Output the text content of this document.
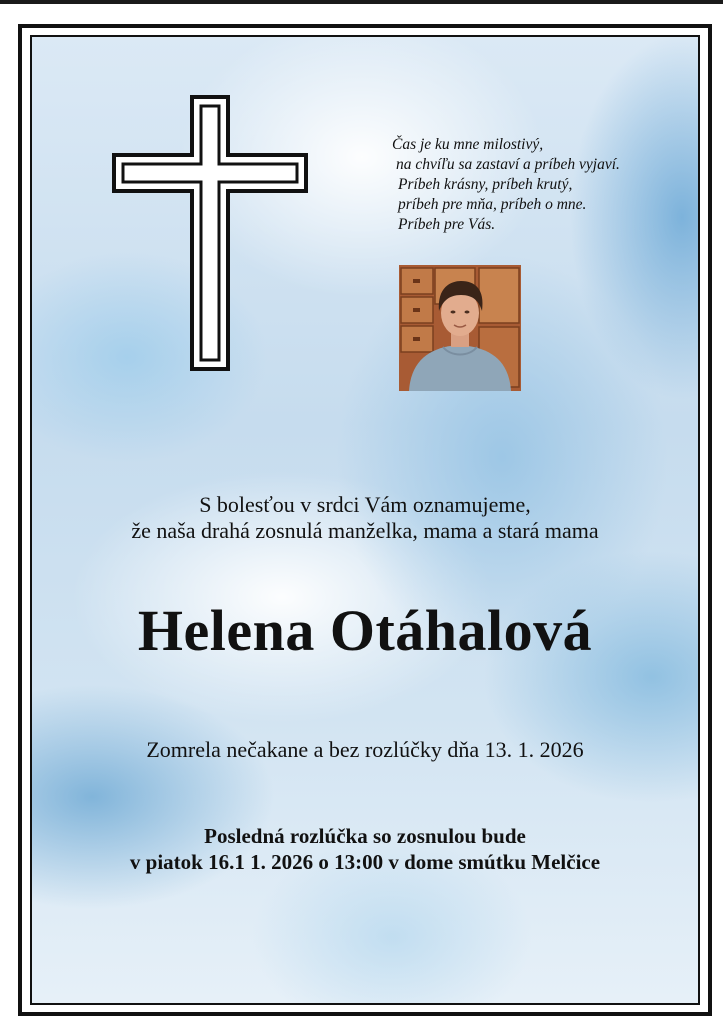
Čas je ku mne milostivý,
na chvíľu sa zastaví a príbeh vyjaví.
Príbeh krásny, príbeh krutý,
príbeh pre mňa, príbeh o mne.
Príbeh pre Vás.
S bolesťou v srdci Vám oznamujeme,
že naša drahá zosnulá manželka, mama a stará mama
Helena Otáhalová
Zomrela nečakane a bez rozlúčky dňa 13. 1. 2026
Posledná rozlúčka so zosnulou bude
v piatok 16.1 1. 2026 o 13:00 v dome smútku Melčice
